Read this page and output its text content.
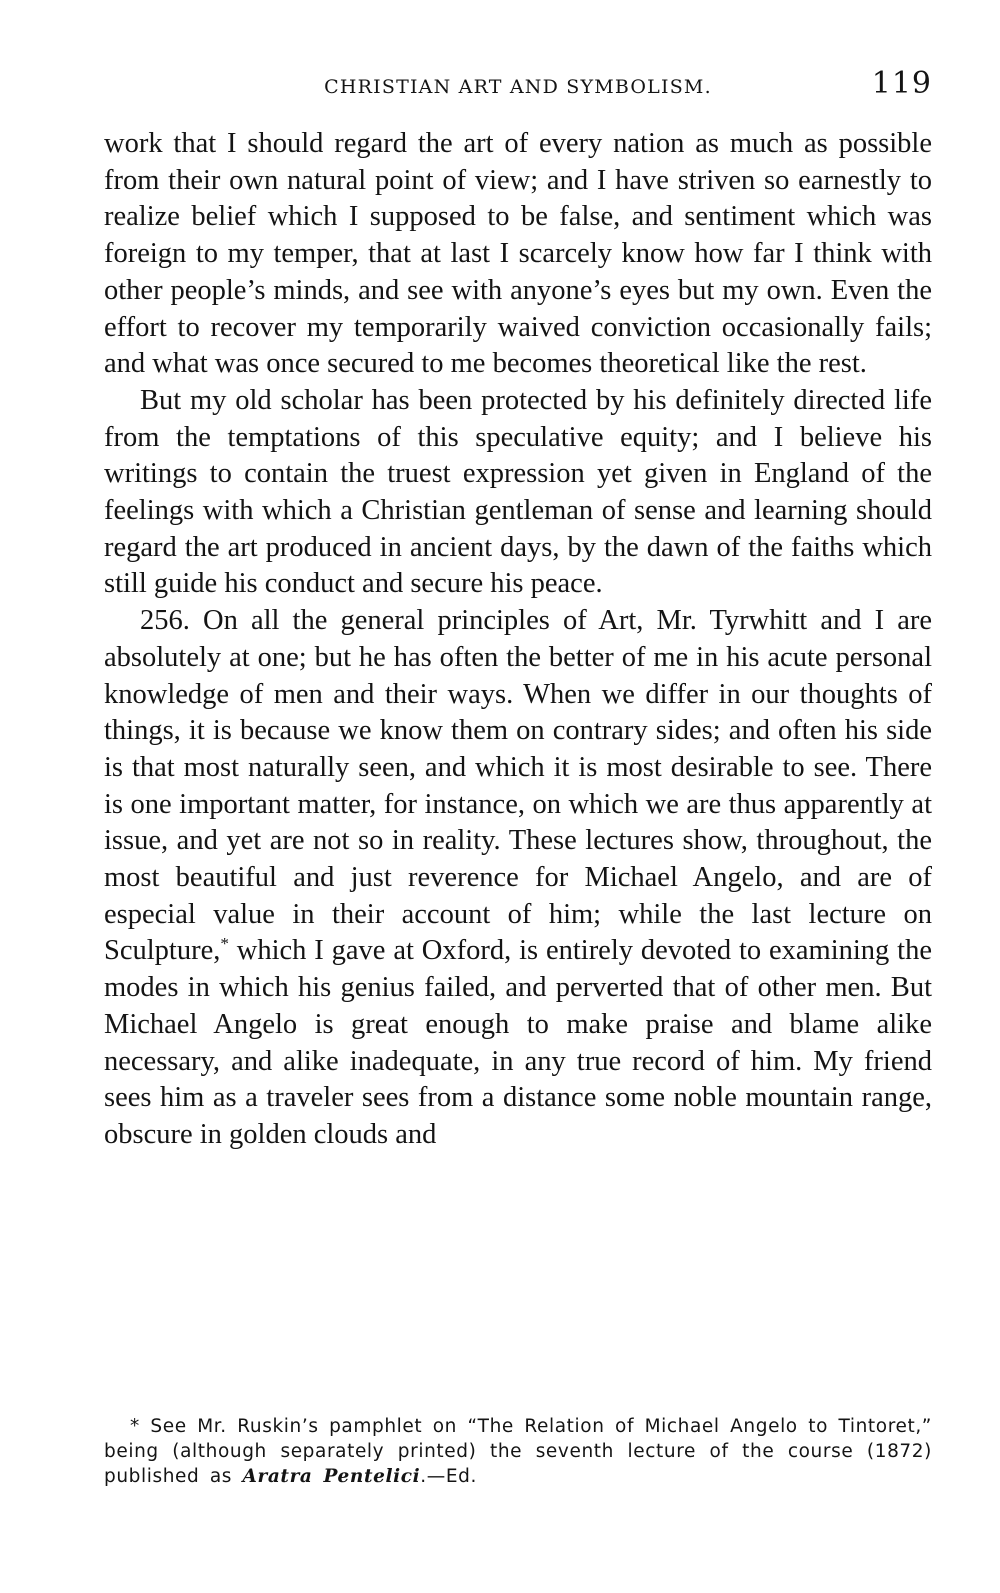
CHRISTIAN ART AND SYMBOLISM.	119

work that I should regard the art of every nation as much as possible from their own natural point of view; and I have striven so earnestly to realize belief which I supposed to be false, and sentiment which was foreign to my temper, that at last I scarcely know how far I think with other people’s minds, and see with anyone’s eyes but my own. Even the effort to recover my temporarily waived conviction occasionally fails; and what was once secured to me becomes theoretical like the rest.

But my old scholar has been protected by his definitely directed life from the temptations of this speculative equity; and I believe his writings to contain the truest expression yet given in England of the feelings with which a Christian gentleman of sense and learning should regard the art produced in ancient days, by the dawn of the faiths which still guide his conduct and secure his peace.

256. On all the general principles of Art, Mr. Tyrwhitt and I are absolutely at one; but he has often the better of me in his acute personal knowledge of men and their ways. When we differ in our thoughts of things, it is because we know them on contrary sides; and often his side is that most naturally seen, and which it is most desirable to see. There is one important matter, for instance, on which we are thus apparently at issue, and yet are not so in reality. These lectures show, throughout, the most beautiful and just reverence for Michael Angelo, and are of especial value in their account of him; while the last lecture on Sculpture,* which I gave at Oxford, is entirely devoted to examining the modes in which his genius failed, and perverted that of other men. But Michael Angelo is great enough to make praise and blame alike necessary, and alike inadequate, in any true record of him. My friend sees him as a traveler sees from a distance some noble mountain range, obscure in golden clouds and

* See Mr. Ruskin’s pamphlet on “The Relation of Michael Angelo to Tintoret,” being (although separately printed) the seventh lecture of the course (1872) published as Aratra Pentelici.—Ed.
